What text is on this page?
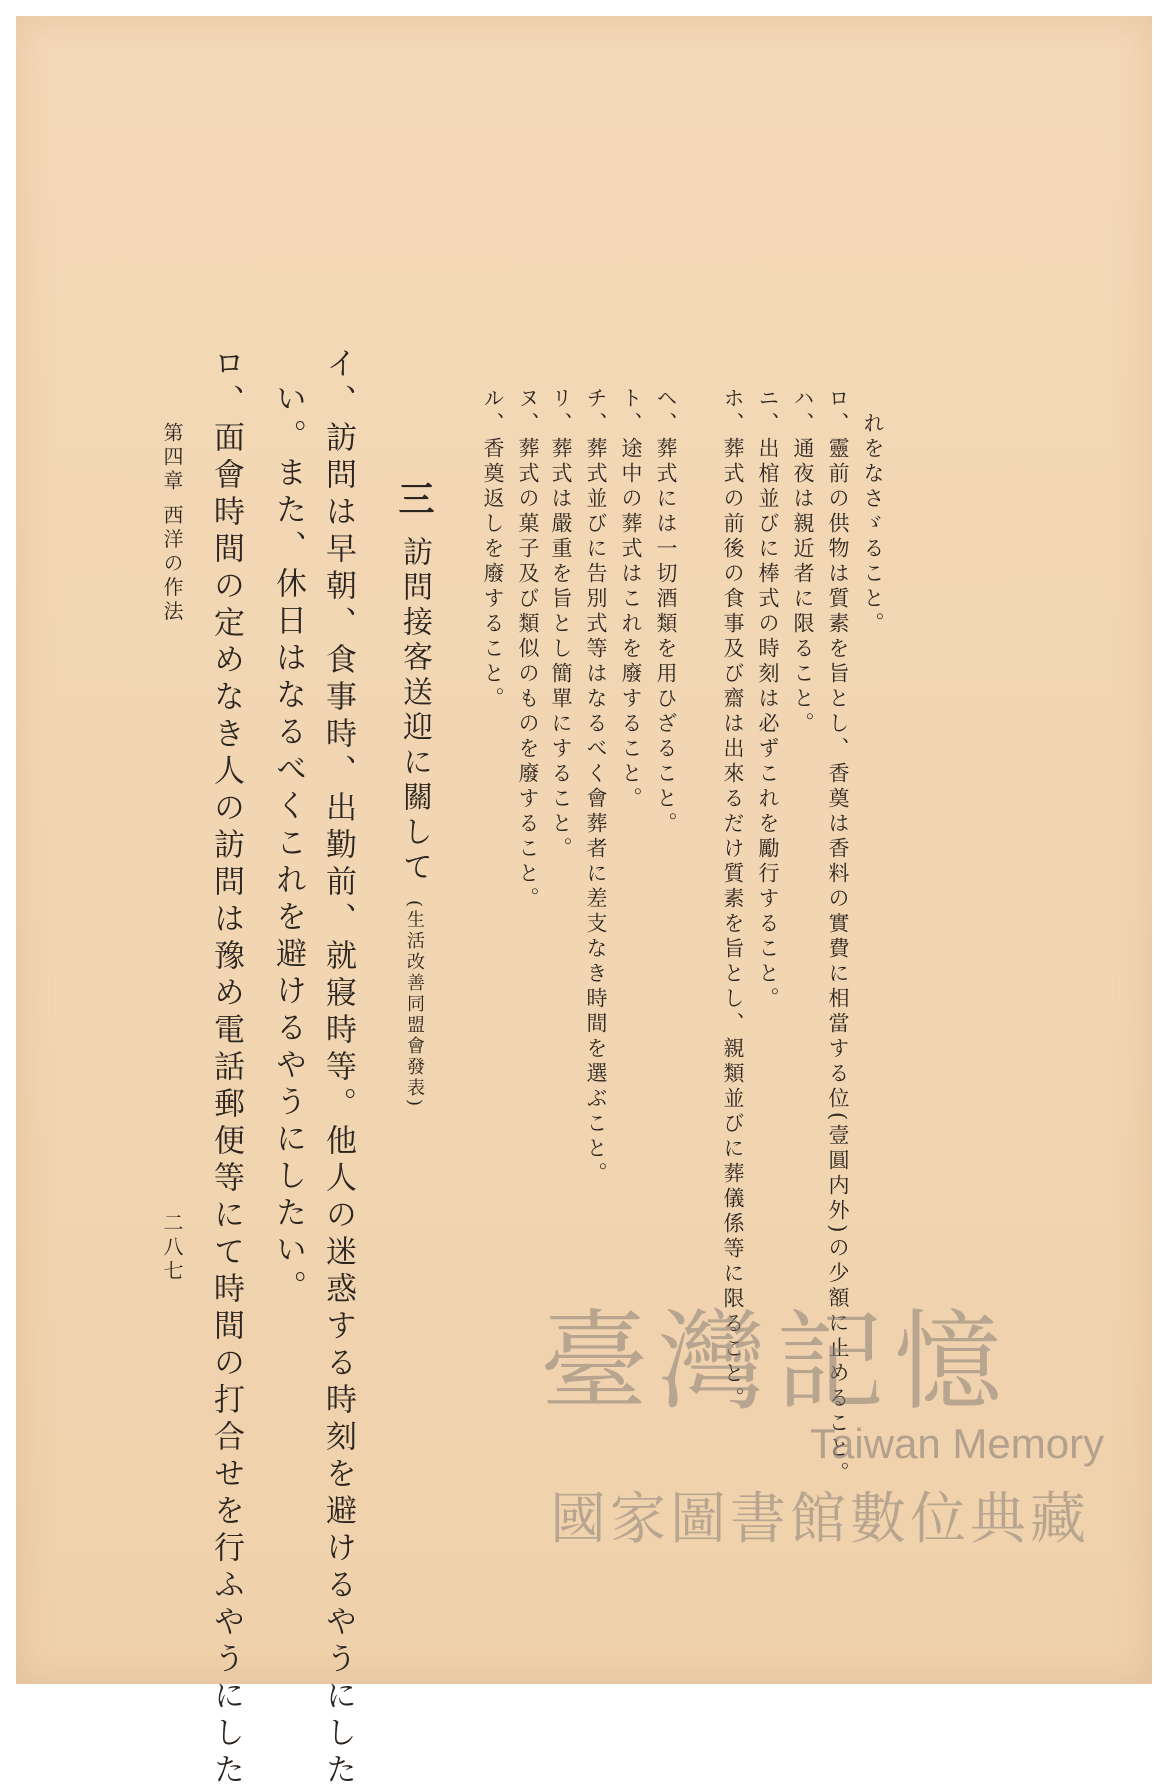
れをなさゞること。
ロ、靈前の供物は質素を旨とし、香奠は香料の實費に相當する位(壹圓内外)の少額に止めること。
ハ、通夜は親近者に限ること。
ニ、出棺並びに棒式の時刻は必ずこれを勵行すること。
ホ、葬式の前後の食事及び齋は出來るだけ質素を旨とし、親類並びに葬儀係等に限ること。
ヘ、葬式には一切酒類を用ひざること。
ト、途中の葬式はこれを廢すること。
チ、葬式並びに告別式等はなるべく會葬者に差支なき時間を選ぶこと。
リ、葬式は嚴重を旨とし簡單にすること。
ヌ、葬式の菓子及び類似のものを廢すること。
ル、香奠返しを廢すること。
三訪問接客送迎に關して(生活改善同盟會發表)
イ、訪問は早朝、食事時、出勤前、就寢時等。他人の迷惑する時刻を避けるやうにした
い。また、休日はなるべくこれを避けるやうにしたい。
ロ、面會時間の定めなき人の訪問は豫め電話郵便等にて時間の打合せを行ふやうにした
第四章 西洋の作法
二八七
臺灣記憶
Taiwan Memory
國家圖書館數位典藏
